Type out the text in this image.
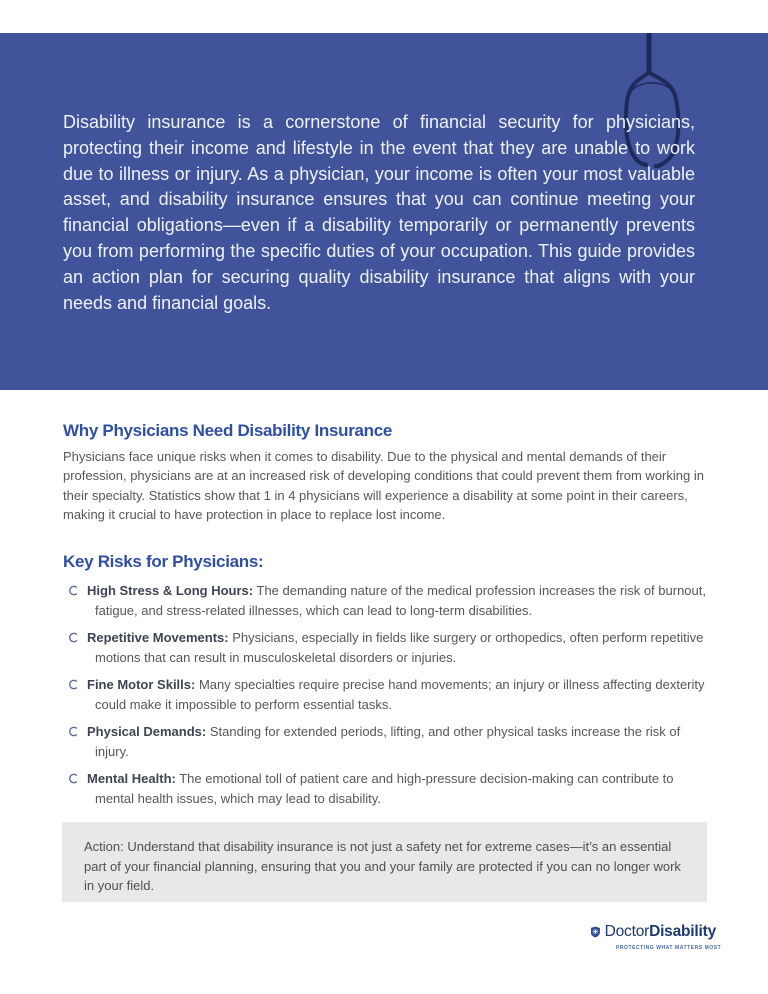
Disability insurance is a cornerstone of financial security for physicians, protecting their income and lifestyle in the event that they are unable to work due to illness or injury. As a physician, your income is often your most valuable asset, and disability insurance ensures that you can continue meeting your financial obligations—even if a disability temporarily or permanently prevents you from performing the specific duties of your occupation. This guide provides an action plan for securing quality disability insurance that aligns with your needs and financial goals.

Why Physicians Need Disability Insurance

Physicians face unique risks when it comes to disability. Due to the physical and mental demands of their profession, physicians are at an increased risk of developing conditions that could prevent them from working in their specialty. Statistics show that 1 in 4 physicians will experience a disability at some point in their careers, making it crucial to have protection in place to replace lost income.

Key Risks for Physicians:
High Stress & Long Hours: The demanding nature of the medical profession increases the risk of burnout, fatigue, and stress-related illnesses, which can lead to long-term disabilities.
Repetitive Movements: Physicians, especially in fields like surgery or orthopedics, often perform repetitive motions that can result in musculoskeletal disorders or injuries.
Fine Motor Skills: Many specialties require precise hand movements; an injury or illness affecting dexterity could make it impossible to perform essential tasks.
Physical Demands: Standing for extended periods, lifting, and other physical tasks increase the risk of injury.
Mental Health: The emotional toll of patient care and high-pressure decision-making can contribute to mental health issues, which may lead to disability.

Action: Understand that disability insurance is not just a safety net for extreme cases—it’s an essential part of your financial planning, ensuring that you and your family are protected if you can no longer work in your field.

DoctorDisability
PROTECTING WHAT MATTERS MOST
